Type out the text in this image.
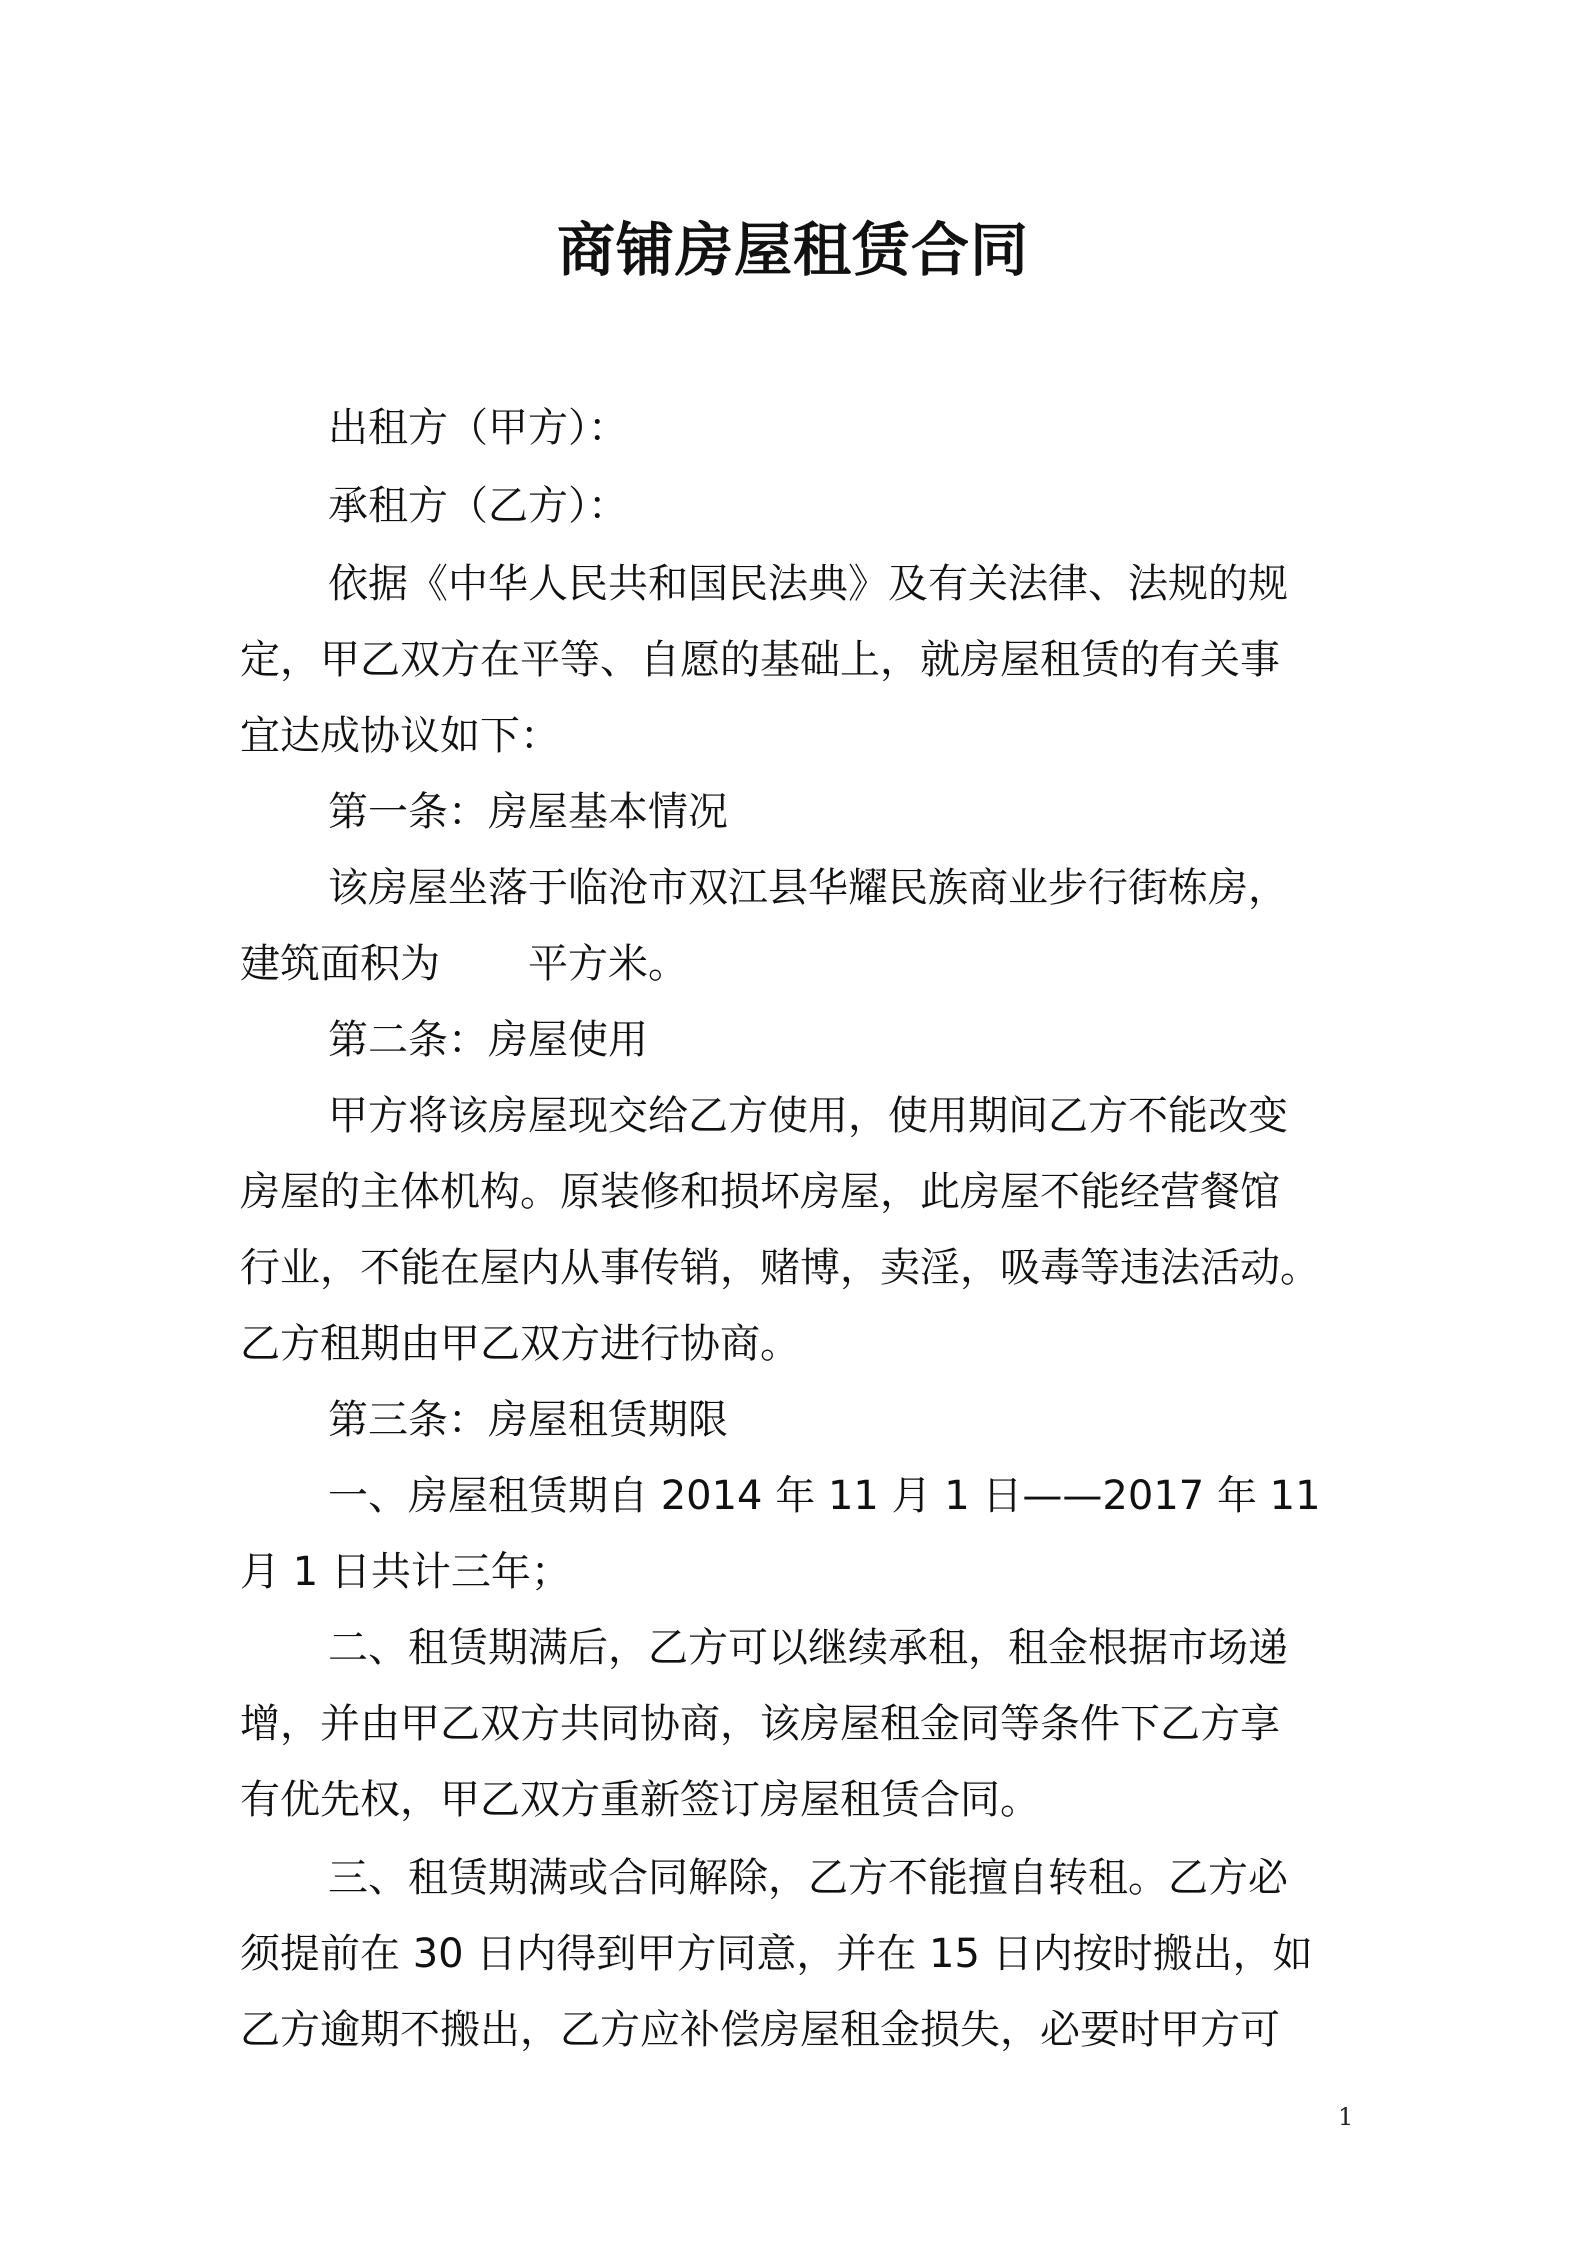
商铺房屋租赁合同
出租方（甲方）：
承租方（乙方）：
依据《中华人民共和国民法典》及有关法律、法规的规
定，甲乙双方在平等、自愿的基础上，就房屋租赁的有关事
宜达成协议如下：
第一条：房屋基本情况
该房屋坐落于临沧市双江县华耀民族商业步行街栋房，
建筑面积为 平方米。
第二条：房屋使用
甲方将该房屋现交给乙方使用，使用期间乙方不能改变
房屋的主体机构。原装修和损坏房屋，此房屋不能经营餐馆
行业，不能在屋内从事传销，赌博，卖淫，吸毒等违法活动。
乙方租期由甲乙双方进行协商。
第三条：房屋租赁期限
一、房屋租赁期自 2014 年 11 月 1 日——2017 年 11
月 1 日共计三年；
二、租赁期满后，乙方可以继续承租，租金根据市场递
增，并由甲乙双方共同协商，该房屋租金同等条件下乙方享
有优先权，甲乙双方重新签订房屋租赁合同。
三、租赁期满或合同解除，乙方不能擅自转租。乙方必
须提前在 30 日内得到甲方同意，并在 15 日内按时搬出，如
乙方逾期不搬出，乙方应补偿房屋租金损失，必要时甲方可
1
